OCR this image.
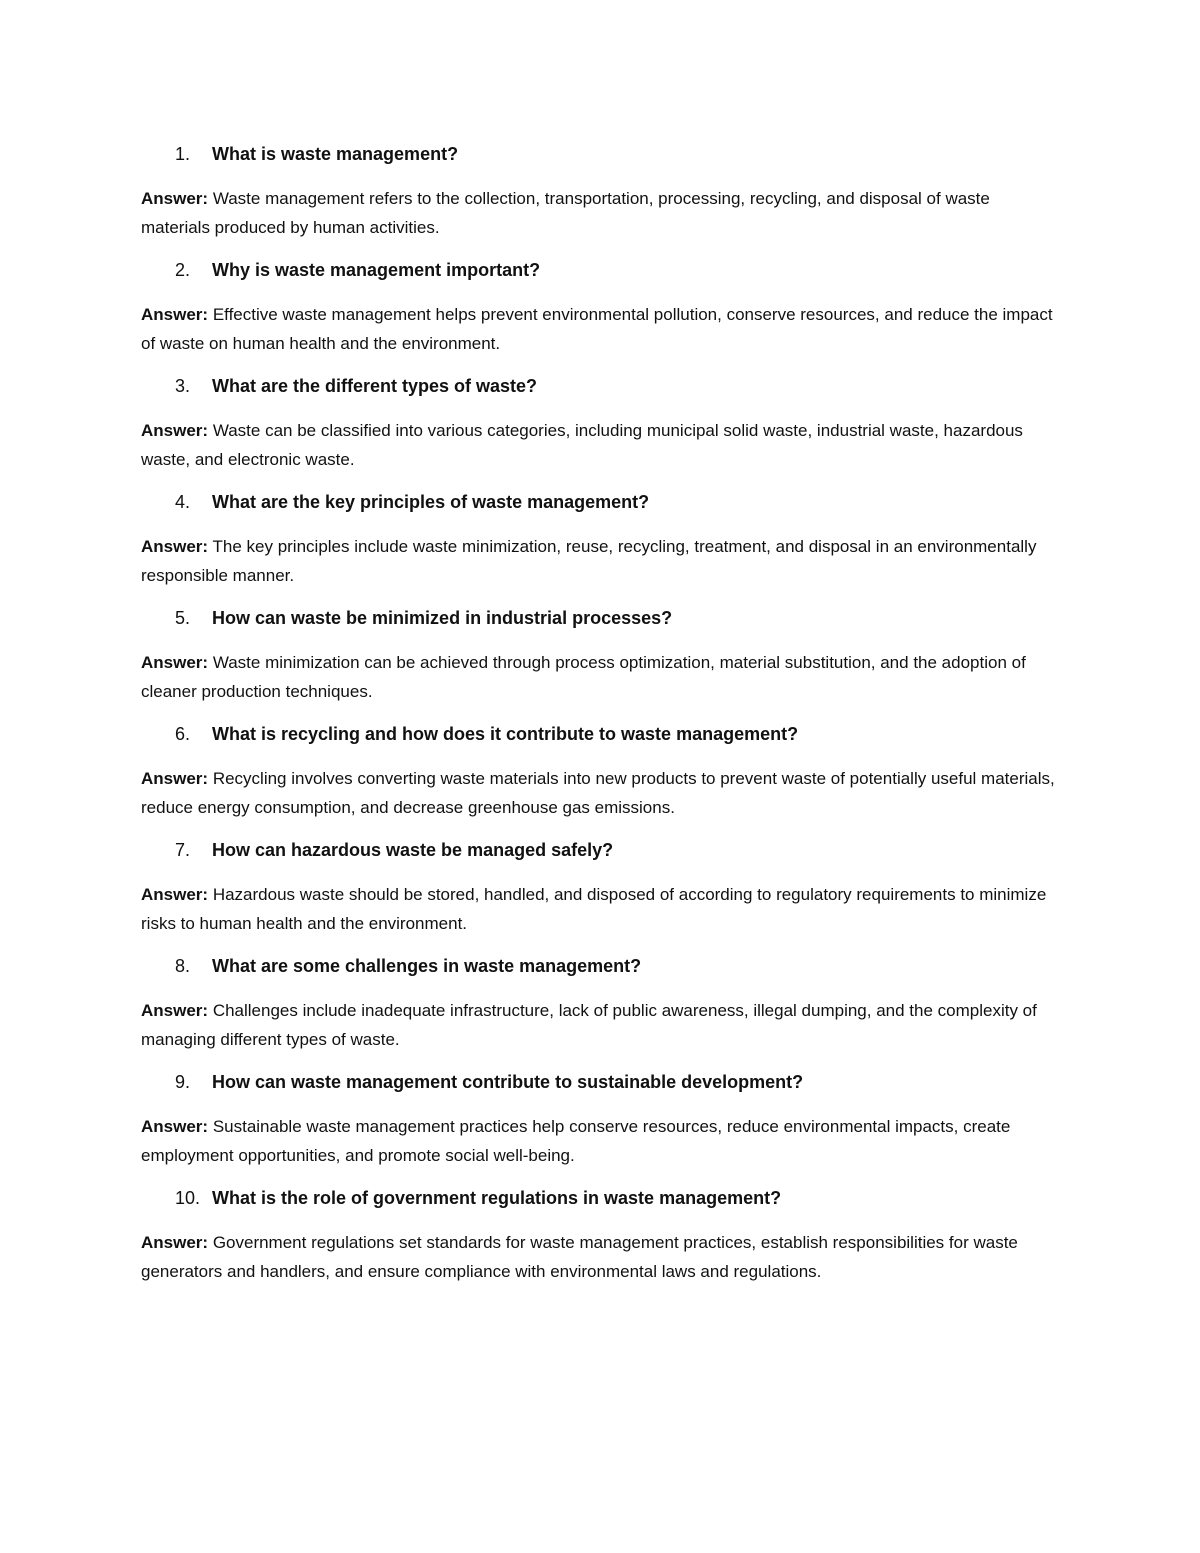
1. What is waste management?

Answer: Waste management refers to the collection, transportation, processing, recycling, and disposal of waste materials produced by human activities.

2. Why is waste management important?

Answer: Effective waste management helps prevent environmental pollution, conserve resources, and reduce the impact of waste on human health and the environment.

3. What are the different types of waste?

Answer: Waste can be classified into various categories, including municipal solid waste, industrial waste, hazardous waste, and electronic waste.

4. What are the key principles of waste management?

Answer: The key principles include waste minimization, reuse, recycling, treatment, and disposal in an environmentally responsible manner.

5. How can waste be minimized in industrial processes?

Answer: Waste minimization can be achieved through process optimization, material substitution, and the adoption of cleaner production techniques.

6. What is recycling and how does it contribute to waste management?

Answer: Recycling involves converting waste materials into new products to prevent waste of potentially useful materials, reduce energy consumption, and decrease greenhouse gas emissions.

7. How can hazardous waste be managed safely?

Answer: Hazardous waste should be stored, handled, and disposed of according to regulatory requirements to minimize risks to human health and the environment.

8. What are some challenges in waste management?

Answer: Challenges include inadequate infrastructure, lack of public awareness, illegal dumping, and the complexity of managing different types of waste.

9. How can waste management contribute to sustainable development?

Answer: Sustainable waste management practices help conserve resources, reduce environmental impacts, create employment opportunities, and promote social well-being.

10. What is the role of government regulations in waste management?

Answer: Government regulations set standards for waste management practices, establish responsibilities for waste generators and handlers, and ensure compliance with environmental laws and regulations.
